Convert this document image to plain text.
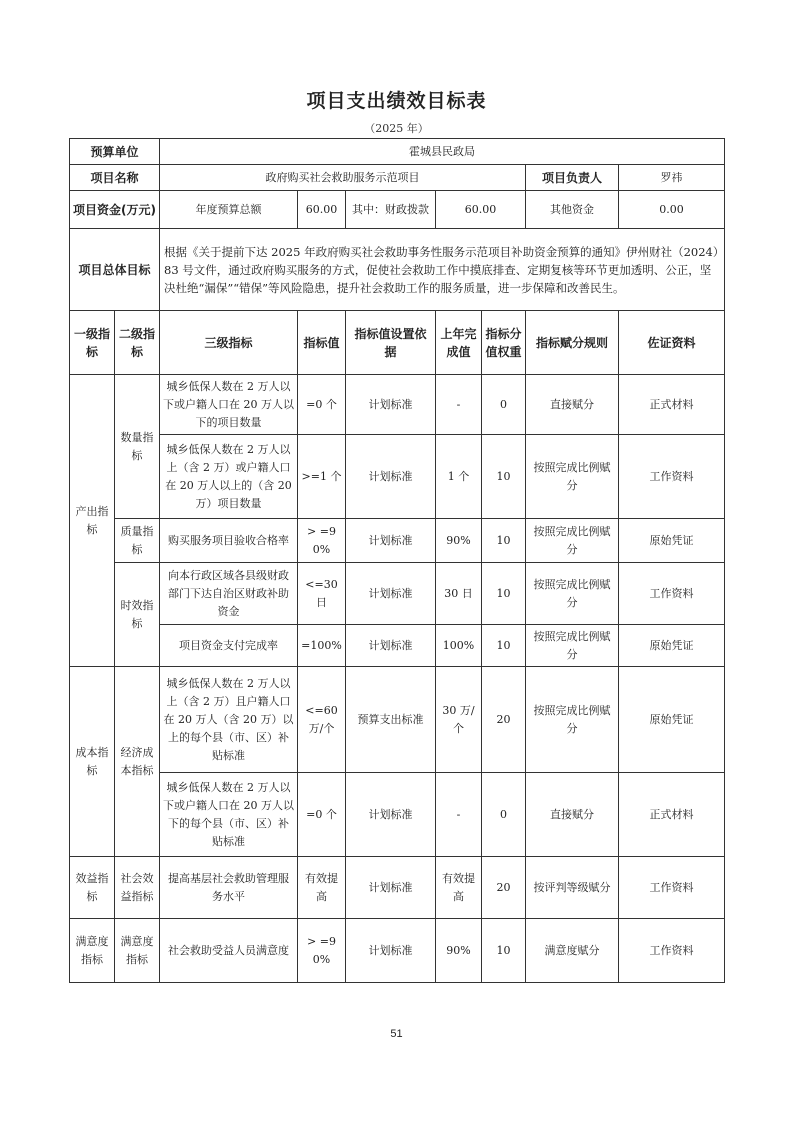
项目支出绩效目标表
（2025 年）
预算单位		霍城县民政局						
项目名称		政府购买社会救助服务示范项目					项目负责人	罗祎
项目资金(万元)		年度预算总额	60.00	其中：财政拨款	60.00		其他资金	0.00
项目总体目标		根据《关于提前下达 2025 年政府购买社会救助事务性服务示范项目补助资金预算的通知》伊州财社（2024）83 号文件，通过政府购买服务的方式，促使社会救助工作中摸底排查、定期复核等环节更加透明、公正，坚决杜绝“漏保”“错保”等风险隐患，提升社会救助工作的服务质量，进一步保障和改善民生。						
一级指标	二级指标	三级指标	指标值	指标值设置依据	上年完成值	指标分值权重	指标赋分规则	佐证资料
产出指标	数量指标	城乡低保人数在 2 万人以下或户籍人口在 20 万人以下的项目数量	=0 个	计划标准	-	0	直接赋分	正式材料
		城乡低保人数在 2 万人以上（含 2 万）或户籍人口在 20 万人以上的（含 20 万）项目数量	>=1 个	计划标准	1 个	10	按照完成比例赋分	工作资料
	质量指标	购买服务项目验收合格率	> =90%	计划标准	90%	10	按照完成比例赋分	原始凭证
	时效指标	向本行政区域各县级财政部门下达自治区财政补助资金	<=30 日	计划标准	30 日	10	按照完成比例赋分	工作资料
		项目资金支付完成率	=100%	计划标准	100%	10	按照完成比例赋分	原始凭证
成本指标	经济成本指标	城乡低保人数在 2 万人以上（含 2 万）且户籍人口在 20 万人（含 20 万）以上的每个县（市、区）补贴标准	<=60 万/个	预算支出标准	30 万/个	20	按照完成比例赋分	原始凭证
		城乡低保人数在 2 万人以下或户籍人口在 20 万人以下的每个县（市、区）补贴标准	=0 个	计划标准	-	0	直接赋分	正式材料
效益指标	社会效益指标	提高基层社会救助管理服务水平	有效提高	计划标准	有效提高	20	按评判等级赋分	工作资料
满意度指标	满意度指标	社会救助受益人员满意度	> =90%	计划标准	90%	10	满意度赋分	工作资料
51
